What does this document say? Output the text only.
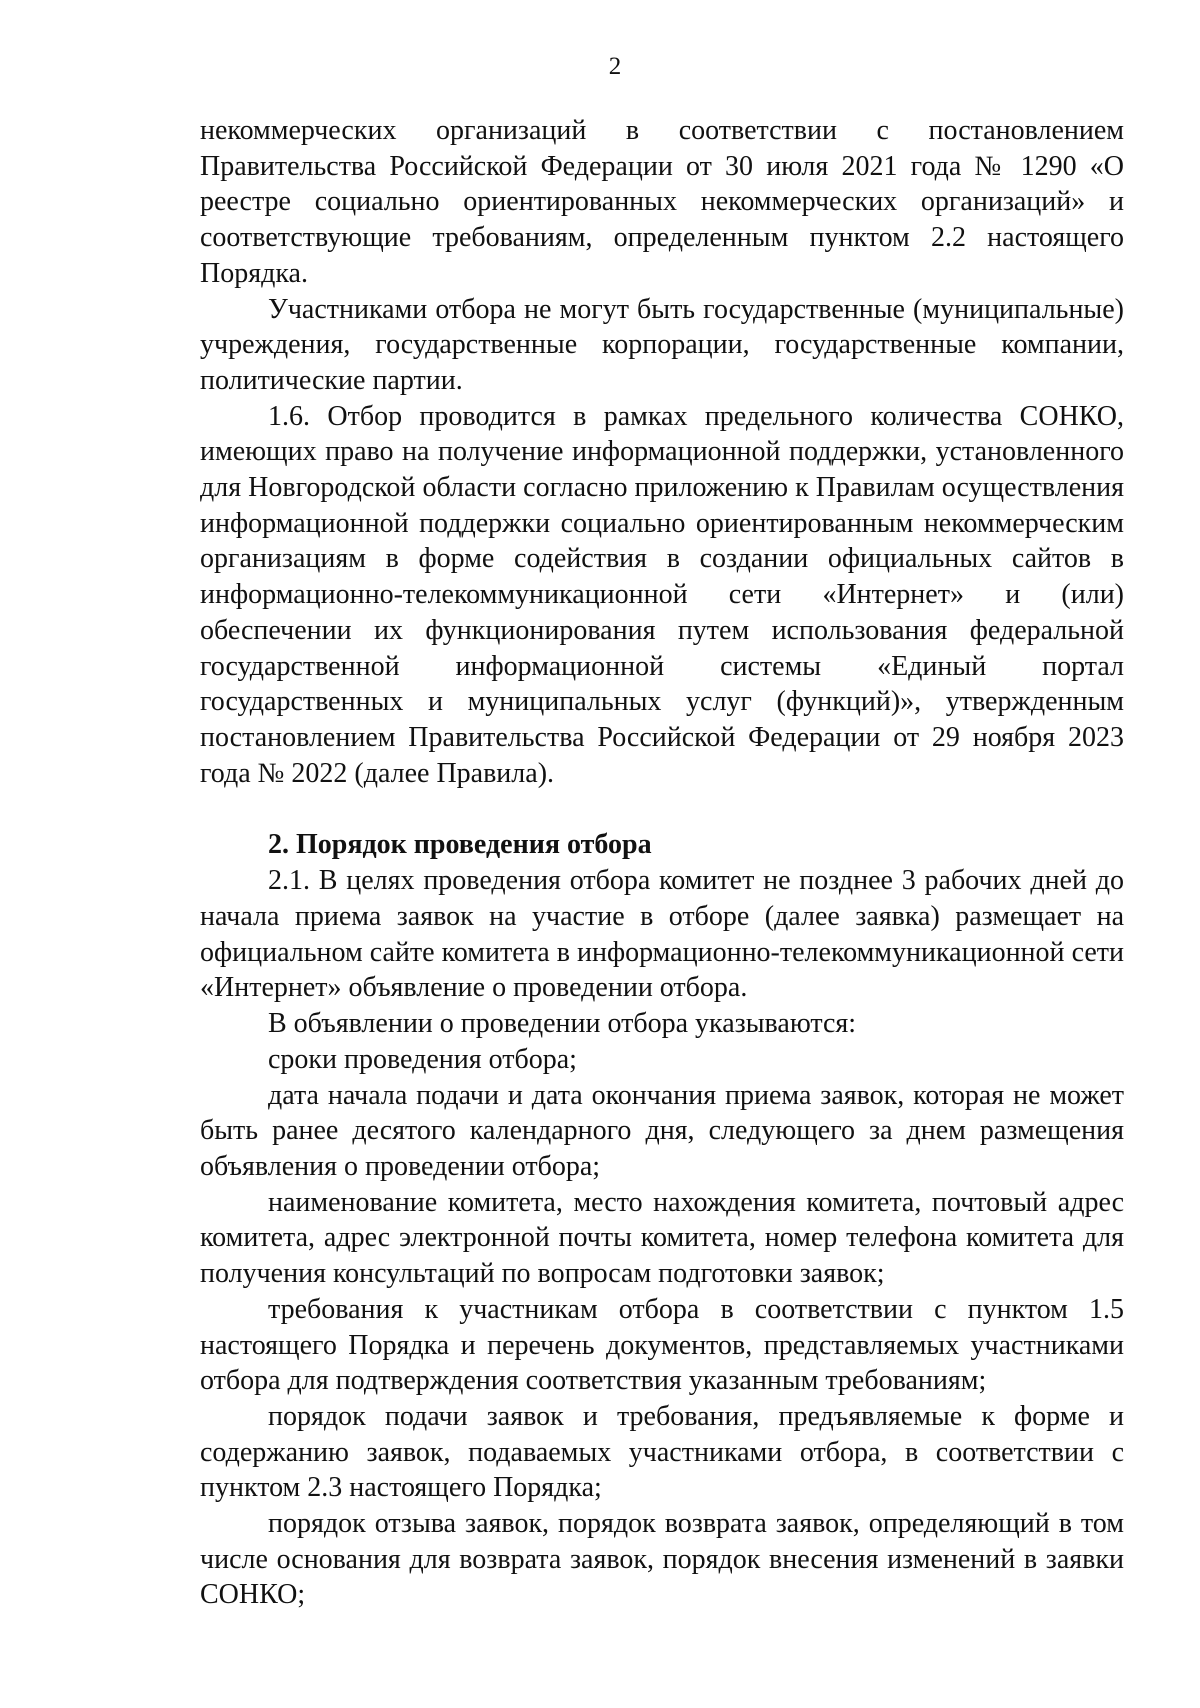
2

некоммерческих организаций в соответствии с постановлением Правительства Российской Федерации от 30 июля 2021 года № 1290 «О реестре социально ориентированных некоммерческих организаций» и соответствующие требованиям, определенным пунктом 2.2 настоящего Порядка.

Участниками отбора не могут быть государственные (муниципальные) учреждения, государственные корпорации, государственные компании, политические партии.

1.6. Отбор проводится в рамках предельного количества СОНКО, имеющих право на получение информационной поддержки, установленного для Новгородской области согласно приложению к Правилам осуществления информационной поддержки социально ориентированным некоммерческим организациям в форме содействия в создании официальных сайтов в информационно-телекоммуникационной сети «Интернет» и (или) обеспечении их функционирования путем использования федеральной государственной информационной системы «Единый портал государственных и муниципальных услуг (функций)», утвержденным постановлением Правительства Российской Федерации от 29 ноября 2023 года № 2022 (далее Правила).

2. Порядок проведения отбора

2.1. В целях проведения отбора комитет не позднее 3 рабочих дней до начала приема заявок на участие в отборе (далее заявка) размещает на официальном сайте комитета в информационно-телекоммуникационной сети «Интернет» объявление о проведении отбора.

В объявлении о проведении отбора указываются:

сроки проведения отбора;

дата начала подачи и дата окончания приема заявок, которая не может быть ранее десятого календарного дня, следующего за днем размещения объявления о проведении отбора;

наименование комитета, место нахождения комитета, почтовый адрес комитета, адрес электронной почты комитета, номер телефона комитета для получения консультаций по вопросам подготовки заявок;

требования к участникам отбора в соответствии с пунктом 1.5 настоящего Порядка и перечень документов, представляемых участниками отбора для подтверждения соответствия указанным требованиям;

порядок подачи заявок и требования, предъявляемые к форме и содержанию заявок, подаваемых участниками отбора, в соответствии с пунктом 2.3 настоящего Порядка;

порядок отзыва заявок, порядок возврата заявок, определяющий в том числе основания для возврата заявок, порядок внесения изменений в заявки СОНКО;
